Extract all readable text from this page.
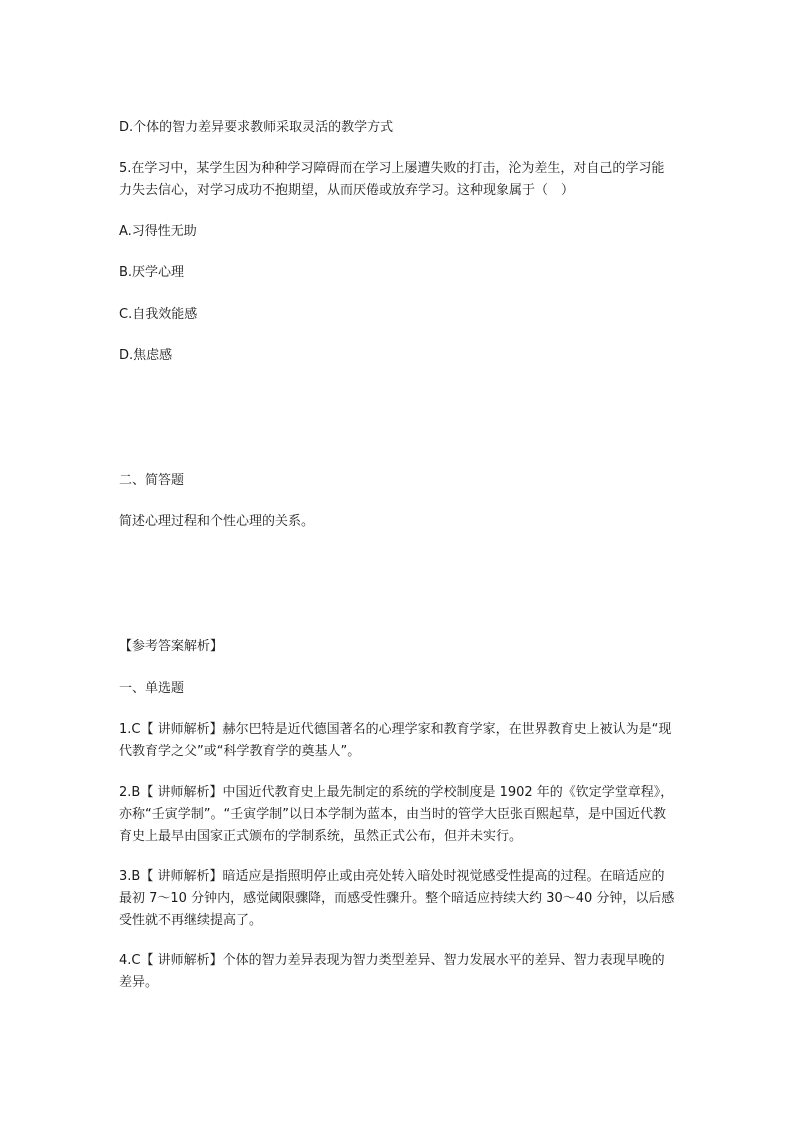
D.个体的智力差异要求教师采取灵活的教学方式
5.在学习中，某学生因为种种学习障碍而在学习上屡遭失败的打击，沦为差生，对自己的学习能力失去信心，对学习成功不抱期望，从而厌倦或放弃学习。这种现象属于（　）
A.习得性无助
B.厌学心理
C.自我效能感
D.焦虑感
二、简答题
简述心理过程和个性心理的关系。
【参考答案解析】
一、单选题
1.C【 讲师解析】赫尔巴特是近代德国著名的心理学家和教育学家，在世界教育史上被认为是“现代教育学之父”或“科学教育学的奠基人”。
2.B【 讲师解析】中国近代教育史上最先制定的系统的学校制度是 1902 年的《钦定学堂章程》，亦称“壬寅学制”。“壬寅学制”以日本学制为蓝本，由当时的管学大臣张百熙起草，是中国近代教育史上最早由国家正式颁布的学制系统，虽然正式公布，但并未实行。
3.B【 讲师解析】暗适应是指照明停止或由亮处转入暗处时视觉感受性提高的过程。在暗适应的最初 7～10 分钟内，感觉阈限骤降，而感受性骤升。整个暗适应持续大约 30～40 分钟，以后感受性就不再继续提高了。
4.C【 讲师解析】个体的智力差异表现为智力类型差异、智力发展水平的差异、智力表现早晚的差异。
